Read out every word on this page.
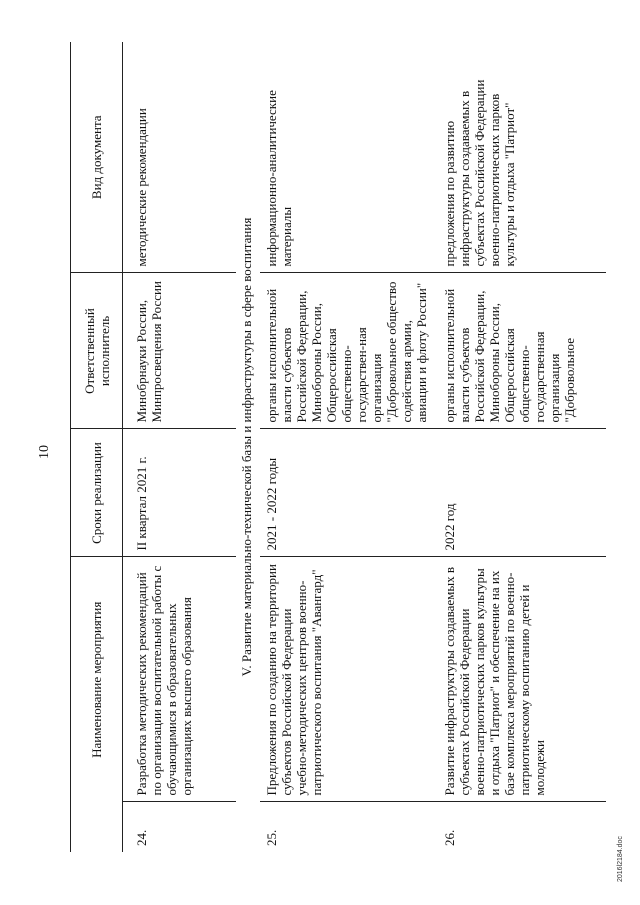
10
	Наименование мероприятия	Сроки реализации	Ответственный исполнитель	Вид документа
24.	Разработка методических рекомендаций по организации воспитательной работы с обучающимися в образовательных организациях высшего образования	II квартал 2021 г.	Минобрнауки России, Минпросвещения России	методические рекомендации
V. Развитие материально-технической базы и инфраструктуры в сфере воспитания				
25.	Предложения по созданию на территории субъектов Российской Федерации учебно-методических центров военно-патриотического воспитания "Авангард"	2021 - 2022 годы	органы исполнительной власти субъектов Российской Федерации, Минобороны России, Общероссийская общественно-государствен-ная организация "Добровольное общество содействия армии, авиации и флоту России"	информационно-аналитические материалы
26.	Развитие инфраструктуры создаваемых в субъектах Российской Федерации военно-патриотических парков культуры и отдыха "Патриот" и обеспечение на их базе комплекса мероприятий по военно-патриотическому воспитанию детей и молодежи	2022 год	органы исполнительной власти субъектов Российской Федерации, Минобороны России, Общероссийская общественно-государственная организация "Добровольное	предложения по развитию инфраструктуры создаваемых в субъектах Российской Федерации военно-патриотических парков культуры и отдыха "Патриот"
2016l2184.doc
